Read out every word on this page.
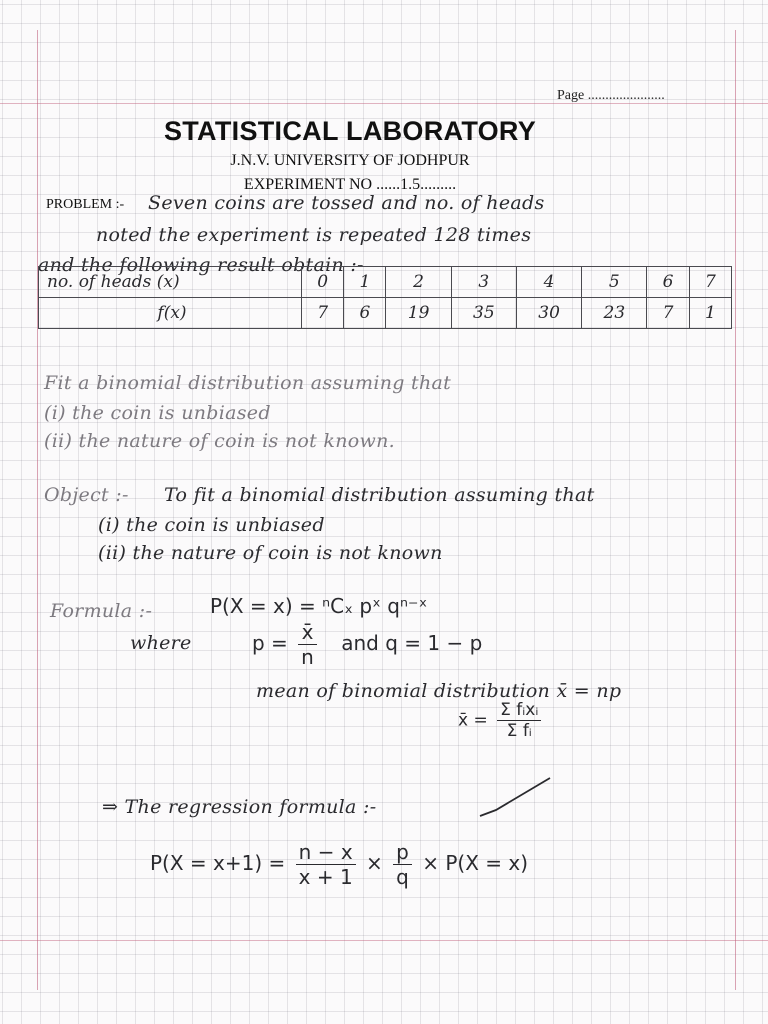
Page ......................
STATISTICAL LABORATORY
J.N.V. UNIVERSITY OF JODHPUR
EXPERIMENT NO ......1.5.........
PROBLEM :- Seven coins are tossed and no. of heads
noted the experiment is repeated 128 times
and the following result obtain :-
no. of heads (x)	0	1	2	3	4	5	6	7
f(x)	7	6	19	35	30	23	7	1
Fit a binomial distribution assuming that
(i) the coin is unbiased
(ii) the nature of coin is not known.
Object :- To fit a binomial distribution assuming that
(i) the coin is unbiased
(ii) the nature of coin is not known
Formula :-	P(X = x) = ⁿCₓ pˣ qⁿ⁻ˣ
where	$p = \frac{x̄}{n}$ and q = 1 − p
mean of binomial distribution x̄ = np
x̄ = $\frac{\text{Σ fᵢxᵢ}}{\text{Σ fᵢ}}$
⇒ The regression formula :-
$P(X = x+1) = \frac{n - x}{x + 1} \times \frac{p}{q} \times P(X = x)$
